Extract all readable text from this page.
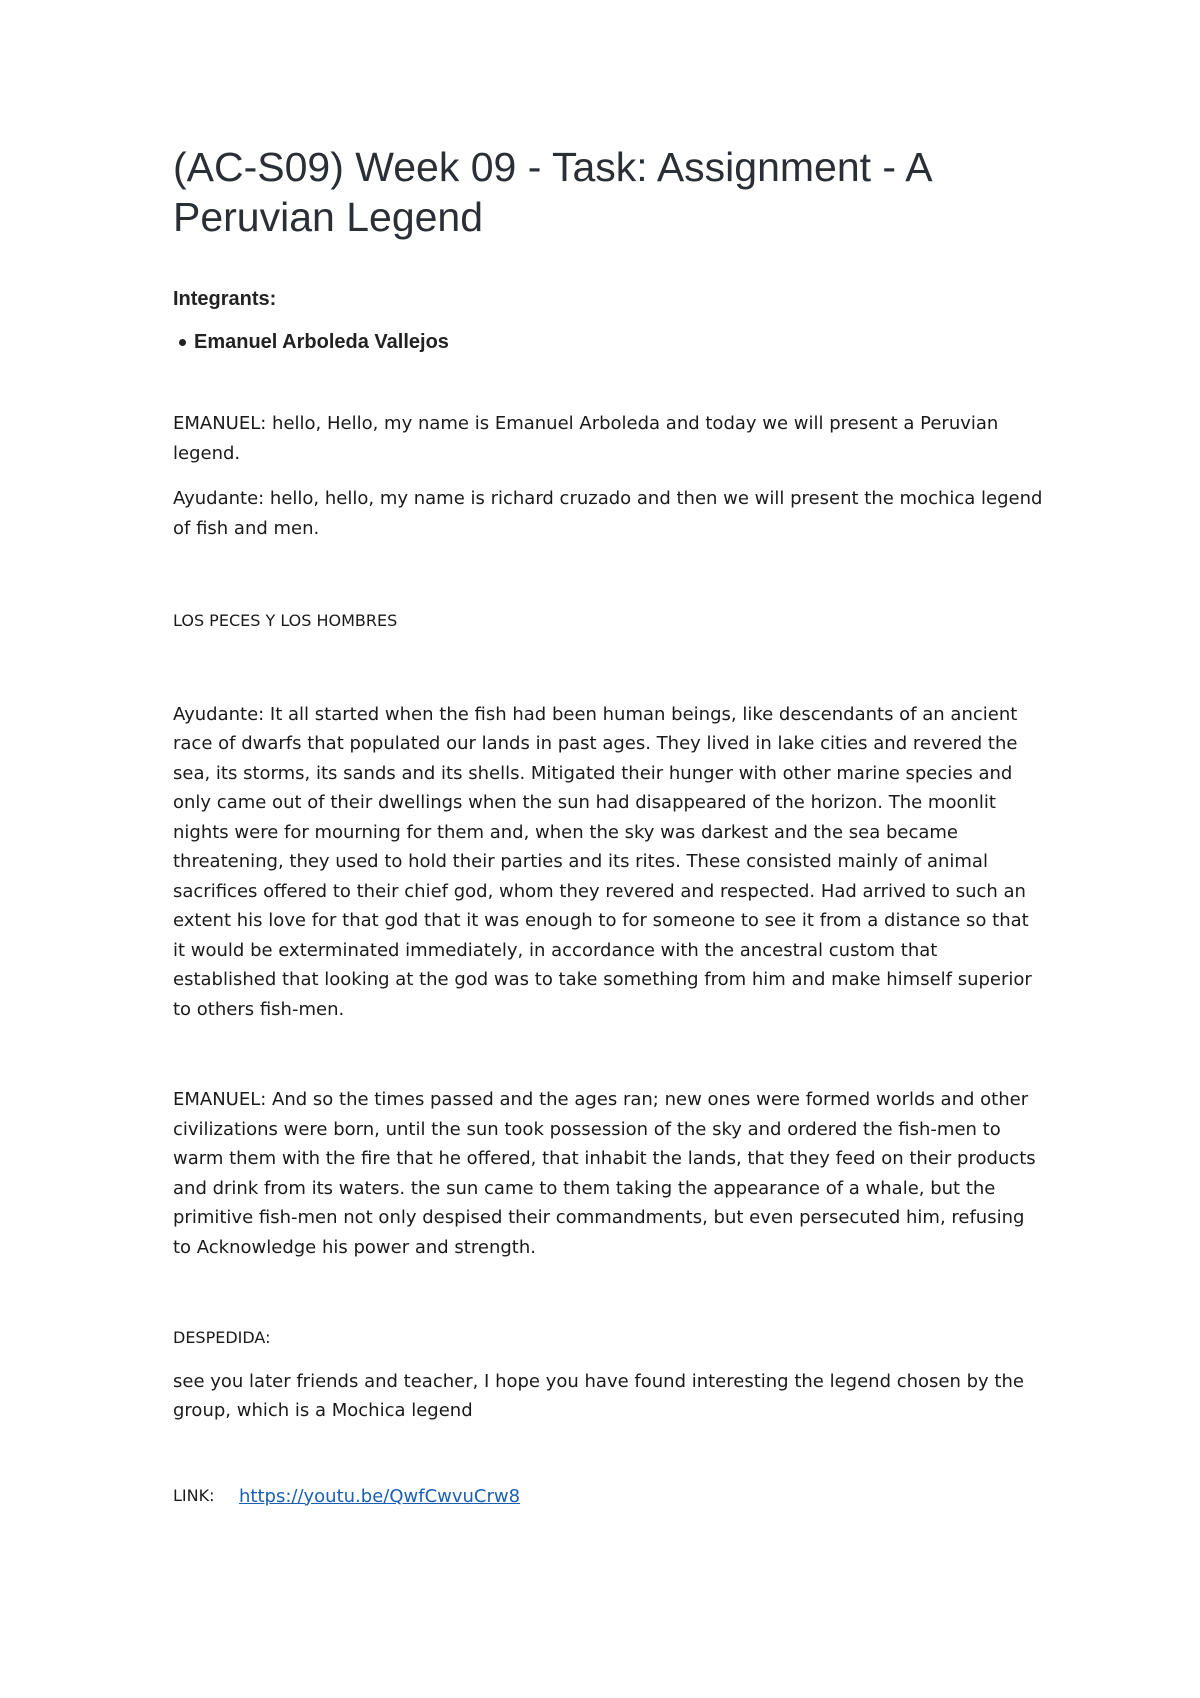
(AC-S09) Week 09 - Task: Assignment - A Peruvian Legend
Integrants:
Emanuel Arboleda Vallejos

EMANUEL: hello, Hello, my name is Emanuel Arboleda and today we will present a Peruvian legend.

Ayudante: hello, hello, my name is richard cruzado and then we will present the mochica legend of fish and men.

LOS PECES Y LOS HOMBRES

Ayudante: It all started when the fish had been human beings, like descendants of an ancient race of dwarfs that populated our lands in past ages. They lived in lake cities and revered the sea, its storms, its sands and its shells. Mitigated their hunger with other marine species and only came out of their dwellings when the sun had disappeared of the horizon. The moonlit nights were for mourning for them and, when the sky was darkest and the sea became threatening, they used to hold their parties and its rites. These consisted mainly of animal sacrifices offered to their chief god, whom they revered and respected. Had arrived to such an extent his love for that god that it was enough to for someone to see it from a distance so that it would be exterminated immediately, in accordance with the ancestral custom that established that looking at the god was to take something from him and make himself superior to others fish-men.

EMANUEL: And so the times passed and the ages ran; new ones were formed worlds and other civilizations were born, until the sun took possession of the sky and ordered the fish-men to warm them with the fire that he offered, that inhabit the lands, that they feed on their products and drink from its waters. the sun came to them taking the appearance of a whale, but the primitive fish-men not only despised their commandments, but even persecuted him, refusing to Acknowledge his power and strength.

DESPEDIDA:

see you later friends and teacher, I hope you have found interesting the legend chosen by the group, which is a Mochica legend

LINK:	https://youtu.be/QwfCwvuCrw8
